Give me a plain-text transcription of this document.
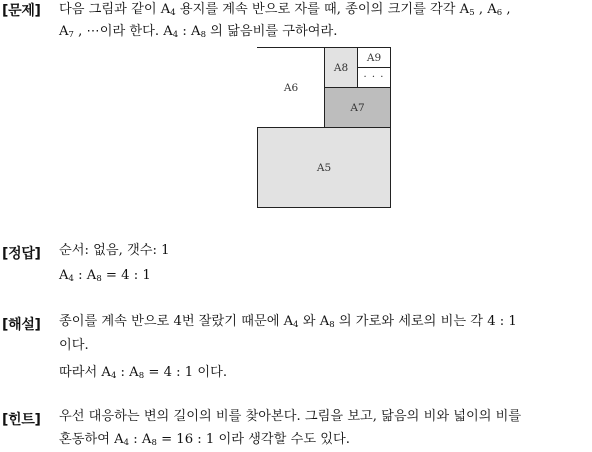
[문제] 다음 그림과 같이 $A_4$ 용지를 계속 반으로 자를 때, 종이의 크기를 각각 $A_5$ , $A_6$ ,
$A_7$ , ⋯이라 한다. $A_4$ : $A_8$ 의 닮음비를 구하여라.
A5
A6
A7
A8
A9
· · ·
[정답] 순서: 없음, 갯수: 1
$A_4$ : $A_8 = 4$ : 1
[해설] 종이를 계속 반으로 4번 잘랐기 때문에 $A_4$ 와 $A_8$ 의 가로와 세로의 비는 각 4 : 1
이다.
따라서 $A_4$ : $A_8 = 4$ : 1 이다.
[힌트] 우선 대응하는 변의 길이의 비를 찾아본다. 그림을 보고, 닮음의 비와 넓이의 비를
혼동하여 $A_4$ : $A_8 = 16$ : 1 이라 생각할 수도 있다.
